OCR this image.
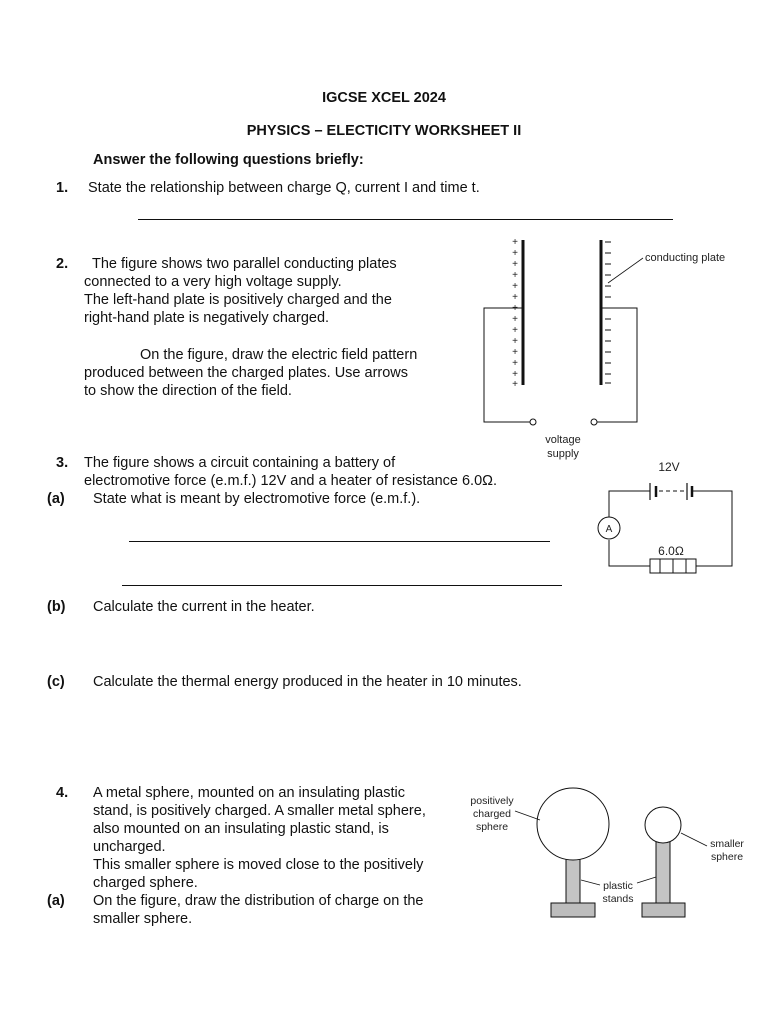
IGCSE XCEL 2024
PHYSICS – ELECTICITY WORKSHEET II
Answer the following questions briefly:
1. State the relationship between charge Q, current I and time t.
2. The figure shows two parallel conducting plates
connected to a very high voltage supply.
The left-hand plate is positively charged and the
right-hand plate is negatively charged.
On the figure, draw the electric field pattern
produced between the charged plates. Use arrows
to show the direction of the field.
+
+
+
+
+
+
+
+
+
+
+
+
+
+
conducting plate
voltage
supply
3. The figure shows a circuit containing a battery of
electromotive force (e.m.f.) 12V and a heater of resistance 6.0Ω.
(a) State what is meant by electromotive force (e.m.f.).
(b) Calculate the current in the heater.
(c) Calculate the thermal energy produced in the heater in 10 minutes.
12V
A
6.0Ω
4. A metal sphere, mounted on an insulating plastic
stand, is positively charged. A smaller metal sphere,
also mounted on an insulating plastic stand, is
uncharged.
This smaller sphere is moved close to the positively
charged sphere.
(a) On the figure, draw the distribution of charge on the
smaller sphere.
positively
charged
sphere
plastic
stands
smaller
sphere
